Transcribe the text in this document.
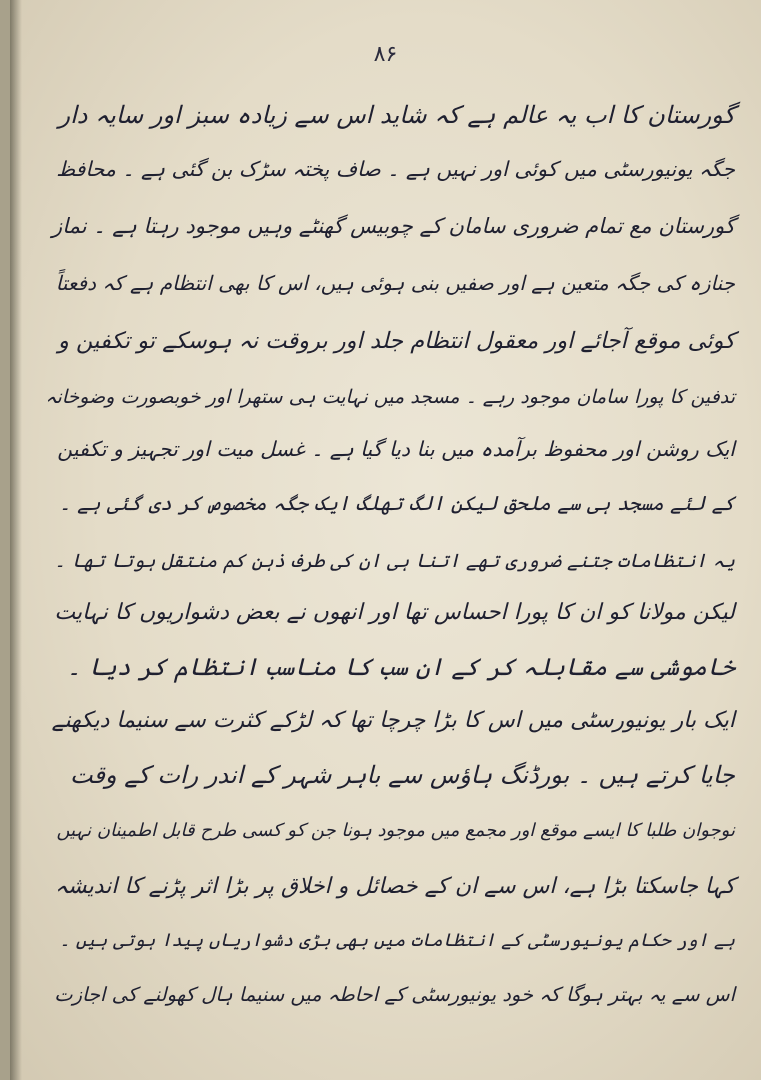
۸۶
گورستان کا اب یہ عالم ہے کہ شاید اس سے زیادہ سبز اور سایہ دار
جگہ یونیورسٹی میں کوئی اور نہیں ہے ۔ صاف پختہ سڑک بن گئی ہے ۔ محافظ
گورستان مع تمام ضروری سامان کے چوبیس گھنٹے وہیں موجود رہتا ہے ۔ نماز
جنازہ کی جگہ متعین ہے اور صفیں بنی ہوئی ہیں، اس کا بھی انتظام ہے کہ دفعتاً
کوئی موقع آجائے اور معقول انتظام جلد اور بروقت نہ ہوسکے تو تکفین و
تدفین کا پورا سامان موجود رہے ۔ مسجد میں نہایت ہی ستھرا اور خوبصورت وضوخانہ
ایک روشن اور محفوظ برآمدہ میں بنا دیا گیا ہے ۔ غسل میت اور تجہیز و تکفین
کے لئے مسجد ہی سے ملحق لیکن الگ تھلگ ایک جگہ مخصوص کر دی گئی ہے ۔
یہ انتظامات جتنے ضروری تھے اتنا ہی ان کی طرف ذہن کم منتقل ہوتا تھا ۔
لیکن مولانا کو ان کا پورا احساس تھا اور انھوں نے بعض دشواریوں کا نہایت
خاموشی سے مقابلہ کر کے ان سب کا مناسب انتظام کر دیا ۔
ایک بار یونیورسٹی میں اس کا بڑا چرچا تھا کہ لڑکے کثرت سے سنیما دیکھنے
جایا کرتے ہیں ۔ بورڈنگ ہاؤس سے باہر شہر کے اندر رات کے وقت
نوجوان طلبا کا ایسے موقع اور مجمع میں موجود ہونا جن کو کسی طرح قابل اطمینان نہیں
کہا جاسکتا بڑا ہے، اس سے ان کے خصائل و اخلاق پر بڑا اثر پڑنے کا اندیشہ
ہے اور حکام یونیورسٹی کے انتظامات میں بھی بڑی دشواریاں پیدا ہوتی ہیں ۔
اس سے یہ بہتر ہوگا کہ خود یونیورسٹی کے احاطہ میں سنیما ہال کھولنے کی اجازت
